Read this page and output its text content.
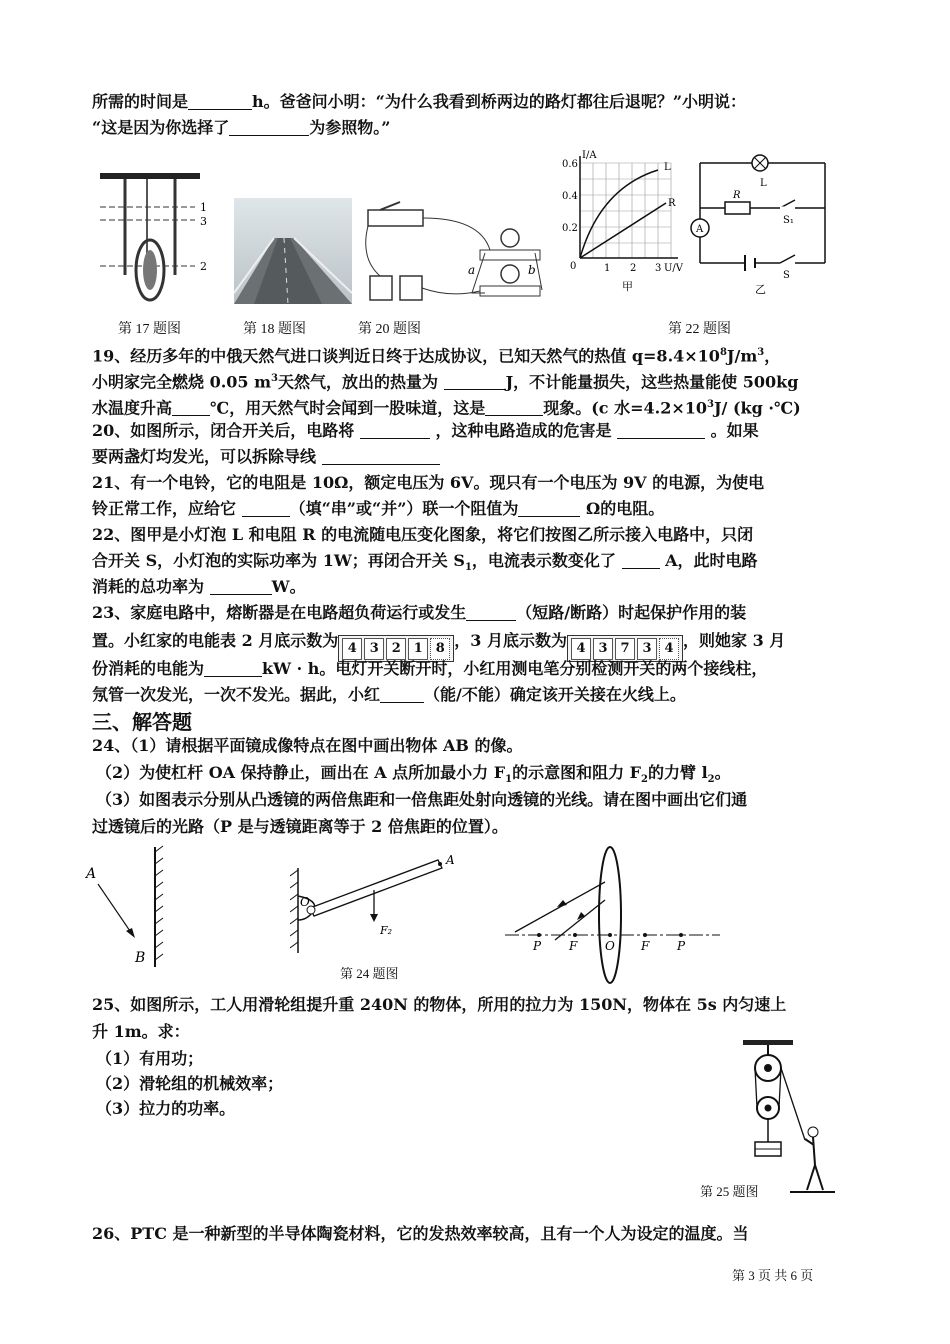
所需的时间是	h。爸爸问小明：“为什么我看到桥两边的路灯都往后退呢？”小明说：
“这是因为你选择了	为参照物。”
1
3
2	a	b
I/A
0.6
0.4
0.2
0	1 2 3 U/V
L
R
甲
A
R
L
S₁
S
乙
第 17 题图	第 18 题图	第 20 题图	第 22 题图
19、经历多年的中俄天然气进口谈判近日终于达成协议，已知天然气的热值 $q=8.4\times 10^8J/m^3$，
小明家完全燃烧 0.05 $m^3$天然气，放出的热量为	J，不计能量损失，这些热量能使 500kg
水温度升高 ℃，用天然气时会闻到一股味道，这是	现象。(c 水$=4.2\times 10^3J/$ (kg ·℃)
20、如图所示，闭合开关后，电路将	，这种电路造成的危害是	。如果
要两盏灯均发光，可以拆除导线
21、有一个电铃，它的电阻是 10Ω，额定电压为 6V。现只有一个电压为 9V 的电源，为使电
铃正常工作，应给它	（填“串”或“并”）联一个阻值为	Ω的电阻。
22、图甲是小灯泡 L 和电阻 R 的电流随电压变化图象，将它们按图乙所示接入电路中，只闭
合开关 S，小灯泡的实际功率为 1W；再闭合开关 $S_1$，电流表示数变化了	A，此时电路
消耗的总功率为	W。
23、家庭电路中，熔断器是在电路超负荷运行或发生	（短路/断路）时起保护作用的装
置。小红家的电能表 2 月底示数为 4 3 2 1 8 ，3 月底示数为 4 3 7 3 4 ，则她家 3 月
份消耗的电能为	kW · h。电灯开关断开时，小红用测电笔分别检测开关的两个接线柱，
氖管一次发光，一次不发光。据此，小红	（能/不能）确定该开关接在火线上。
三、解答题
24、（1）请根据平面镜成像特点在图中画出物体 AB 的像。
（2）为使杠杆 OA 保持静止，画出在 A 点所加最小力 $F_1$的示意图和阻力 $F_2$的力臂 $l_2$。
（3）如图表示分别从凸透镜的两倍焦距和一倍焦距处射向透镜的光线。请在图中画出它们通
过透镜后的光路（P 是与透镜距离等于 2 倍焦距的位置）。
A
B
O
A
F₂
第 24 题图
P F O F P
25、如图所示，工人用滑轮组提升重 240N 的物体，所用的拉力为 150N，物体在 5s 内匀速上
升 1m。求：
（1）有用功；
（2）滑轮组的机械效率；
（3）拉力的功率。
第 25 题图
26、PTC 是一种新型的半导体陶瓷材料，它的发热效率较高，且有一个人为设定的温度。当
第 3 页 共 6 页
